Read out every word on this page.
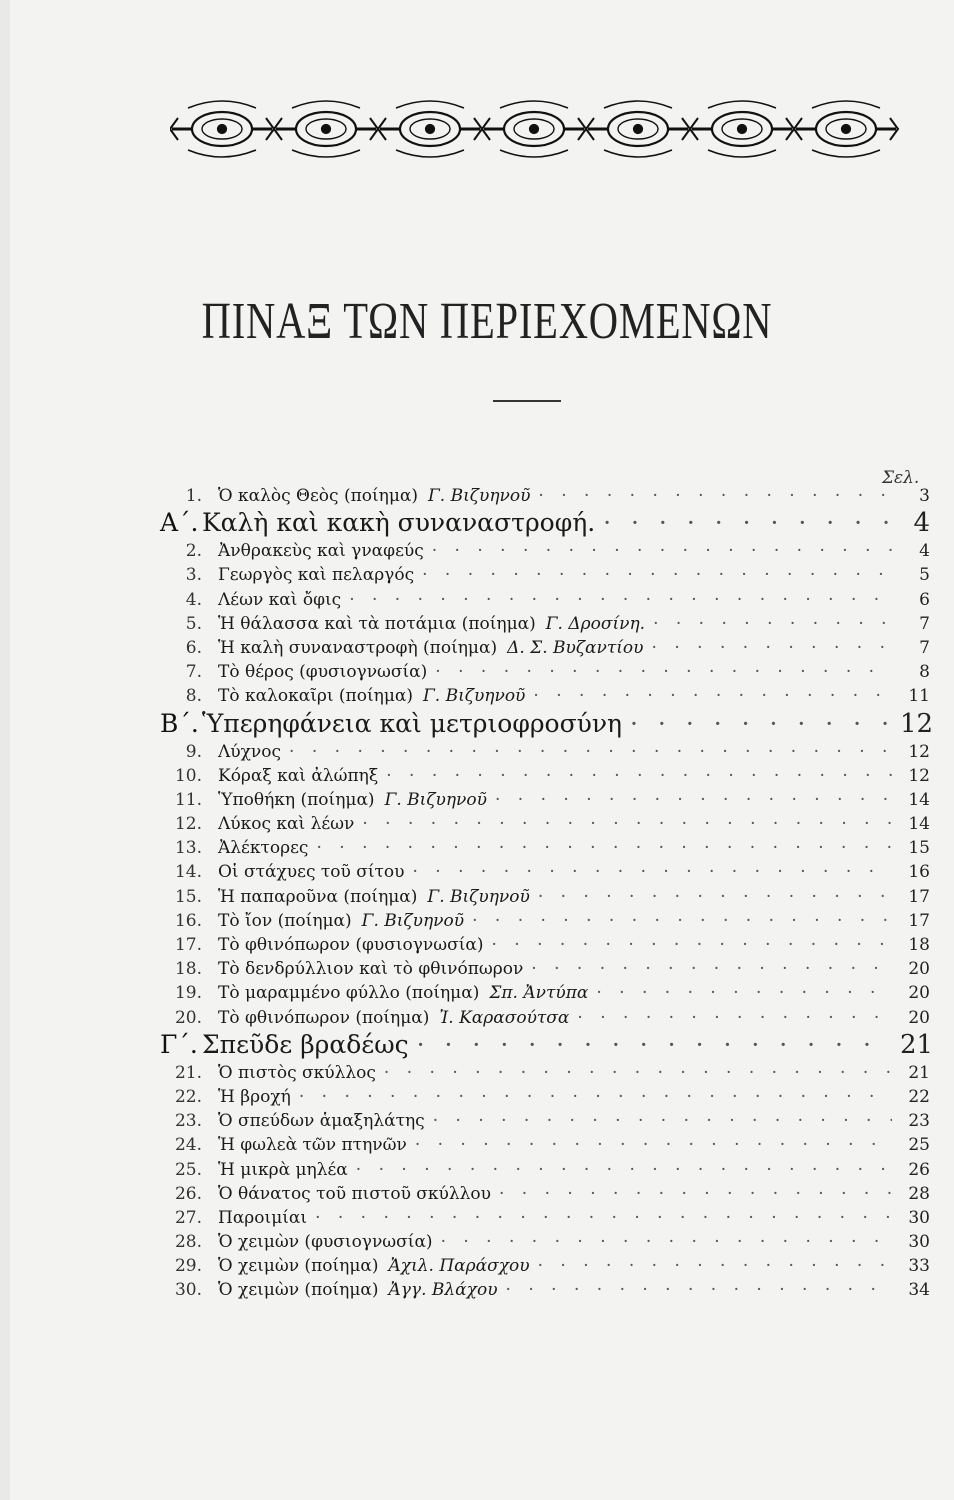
ΠΙΝΑΞ ΤΩΝ ΠΕΡΙΕΧΟΜΕΝΩΝ
Σελ.
1. Ὁ καλὸς Θεὸς (ποίημα) Γ. Βιζυηνοῦ · · ·	3
Α΄. Καλὴ καὶ κακὴ συναναστροφή. · · ·	4
2. Ἀνθρακεὺς καὶ γναφεύς · · ·	4
3. Γεωργὸς καὶ πελαργός · · ·	5
4. Λέων καὶ ὄφις · · ·	6
5. Ἡ θάλασσα καὶ τὰ ποτάμια (ποίημα) Γ. Δροσίνη. · · ·	7
6. Ἡ καλὴ συναναστροφὴ (ποίημα) Δ. Σ. Βυζαντίου · · ·	7
7. Τὸ θέρος (φυσιογνωσία) · · ·	8
8. Τὸ καλοκαῖρι (ποίημα) Γ. Βιζυηνοῦ · · ·	11
Β΄. Ὑπερηφάνεια καὶ μετριοφροσύνη · · ·	12
9. Λύχνος · · ·	12
10. Κόραξ καὶ ἀλώπηξ · · ·	12
11. Ὑποθήκη (ποίημα) Γ. Βιζυηνοῦ · · ·	14
12. Λύκος καὶ λέων · · ·	14
13. Ἀλέκτορες · · ·	15
14. Οἱ στάχυες τοῦ σίτου · · ·	16
15. Ἡ παπαροῦνα (ποίημα) Γ. Βιζυηνοῦ · · ·	17
16. Τὸ ἴον (ποίημα) Γ. Βιζυηνοῦ · · ·	17
17. Τὸ φθινόπωρον (φυσιογνωσία) · · ·	18
18. Τὸ δενδρύλλιον καὶ τὸ φθινόπωρον · · ·	20
19. Τὸ μαραμμένο φύλλο (ποίημα) Σπ. Ἀντύπα · · ·	20
20. Τὸ φθινόπωρον (ποίημα) Ἰ. Καρασούτσα · · ·	20
Γ΄. Σπεῦδε βραδέως · · ·	21
21. Ὁ πιστὸς σκύλλος · · ·	21
22. Ἡ βροχή · · ·	22
23. Ὁ σπεύδων ἁμαξηλάτης · · ·	23
24. Ἡ φωλεὰ τῶν πτηνῶν · · ·	25
25. Ἡ μικρὰ μηλέα · · ·	26
26. Ὁ θάνατος τοῦ πιστοῦ σκύλλου · · ·	28
27. Παροιμίαι · · ·	30
28. Ὁ χειμὼν (φυσιογνωσία) · · ·	30
29. Ὁ χειμὼν (ποίημα) Ἀχιλ. Παράσχου · · ·	33
30. Ὁ χειμὼν (ποίημα) Ἀγγ. Βλάχου · · ·	34
